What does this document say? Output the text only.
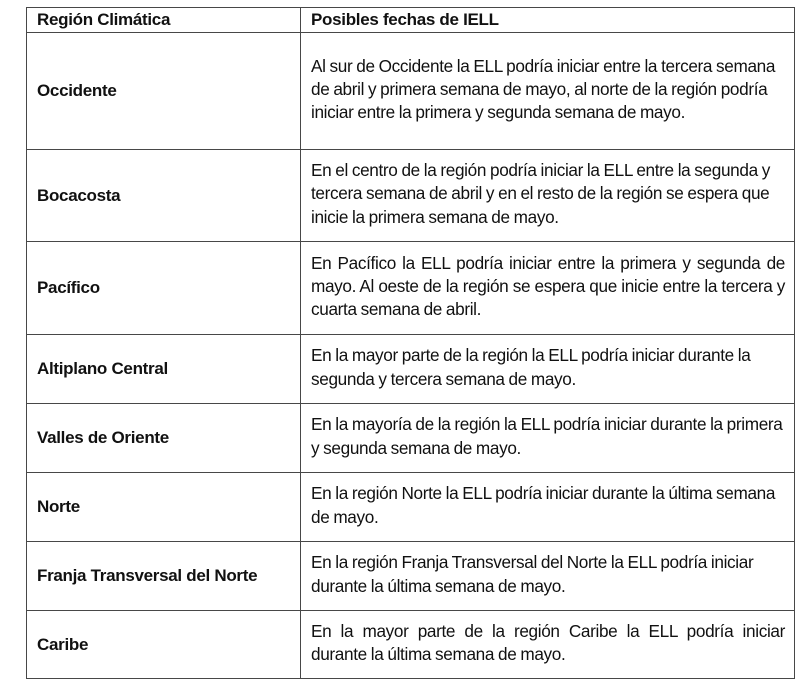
Región Climática	Posibles fechas de IELL
Occidente	Al sur de Occidente la ELL podría iniciar entre la tercera semana de abril y primera semana de mayo, al norte de la región podría iniciar entre la primera y segunda semana de mayo.
Bocacosta	En el centro de la región podría iniciar la ELL entre la segunda y tercera semana de abril y en el resto de la región se espera que inicie la primera semana de mayo.
Pacífico	En Pacífico la ELL podría iniciar entre la primera y segunda de mayo. Al oeste de la región se espera que inicie entre la tercera y cuarta semana de abril.
Altiplano Central	En la mayor parte de la región la ELL podría iniciar durante la segunda y tercera semana de mayo.
Valles de Oriente	En la mayoría de la región la ELL podría iniciar durante la primera y segunda semana de mayo.
Norte	En la región Norte la ELL podría iniciar durante la última semana de mayo.
Franja Transversal del Norte	En la región Franja Transversal del Norte la ELL podría iniciar durante la última semana de mayo.
Caribe	En la mayor parte de la región Caribe la ELL podría iniciar durante la última semana de mayo.
